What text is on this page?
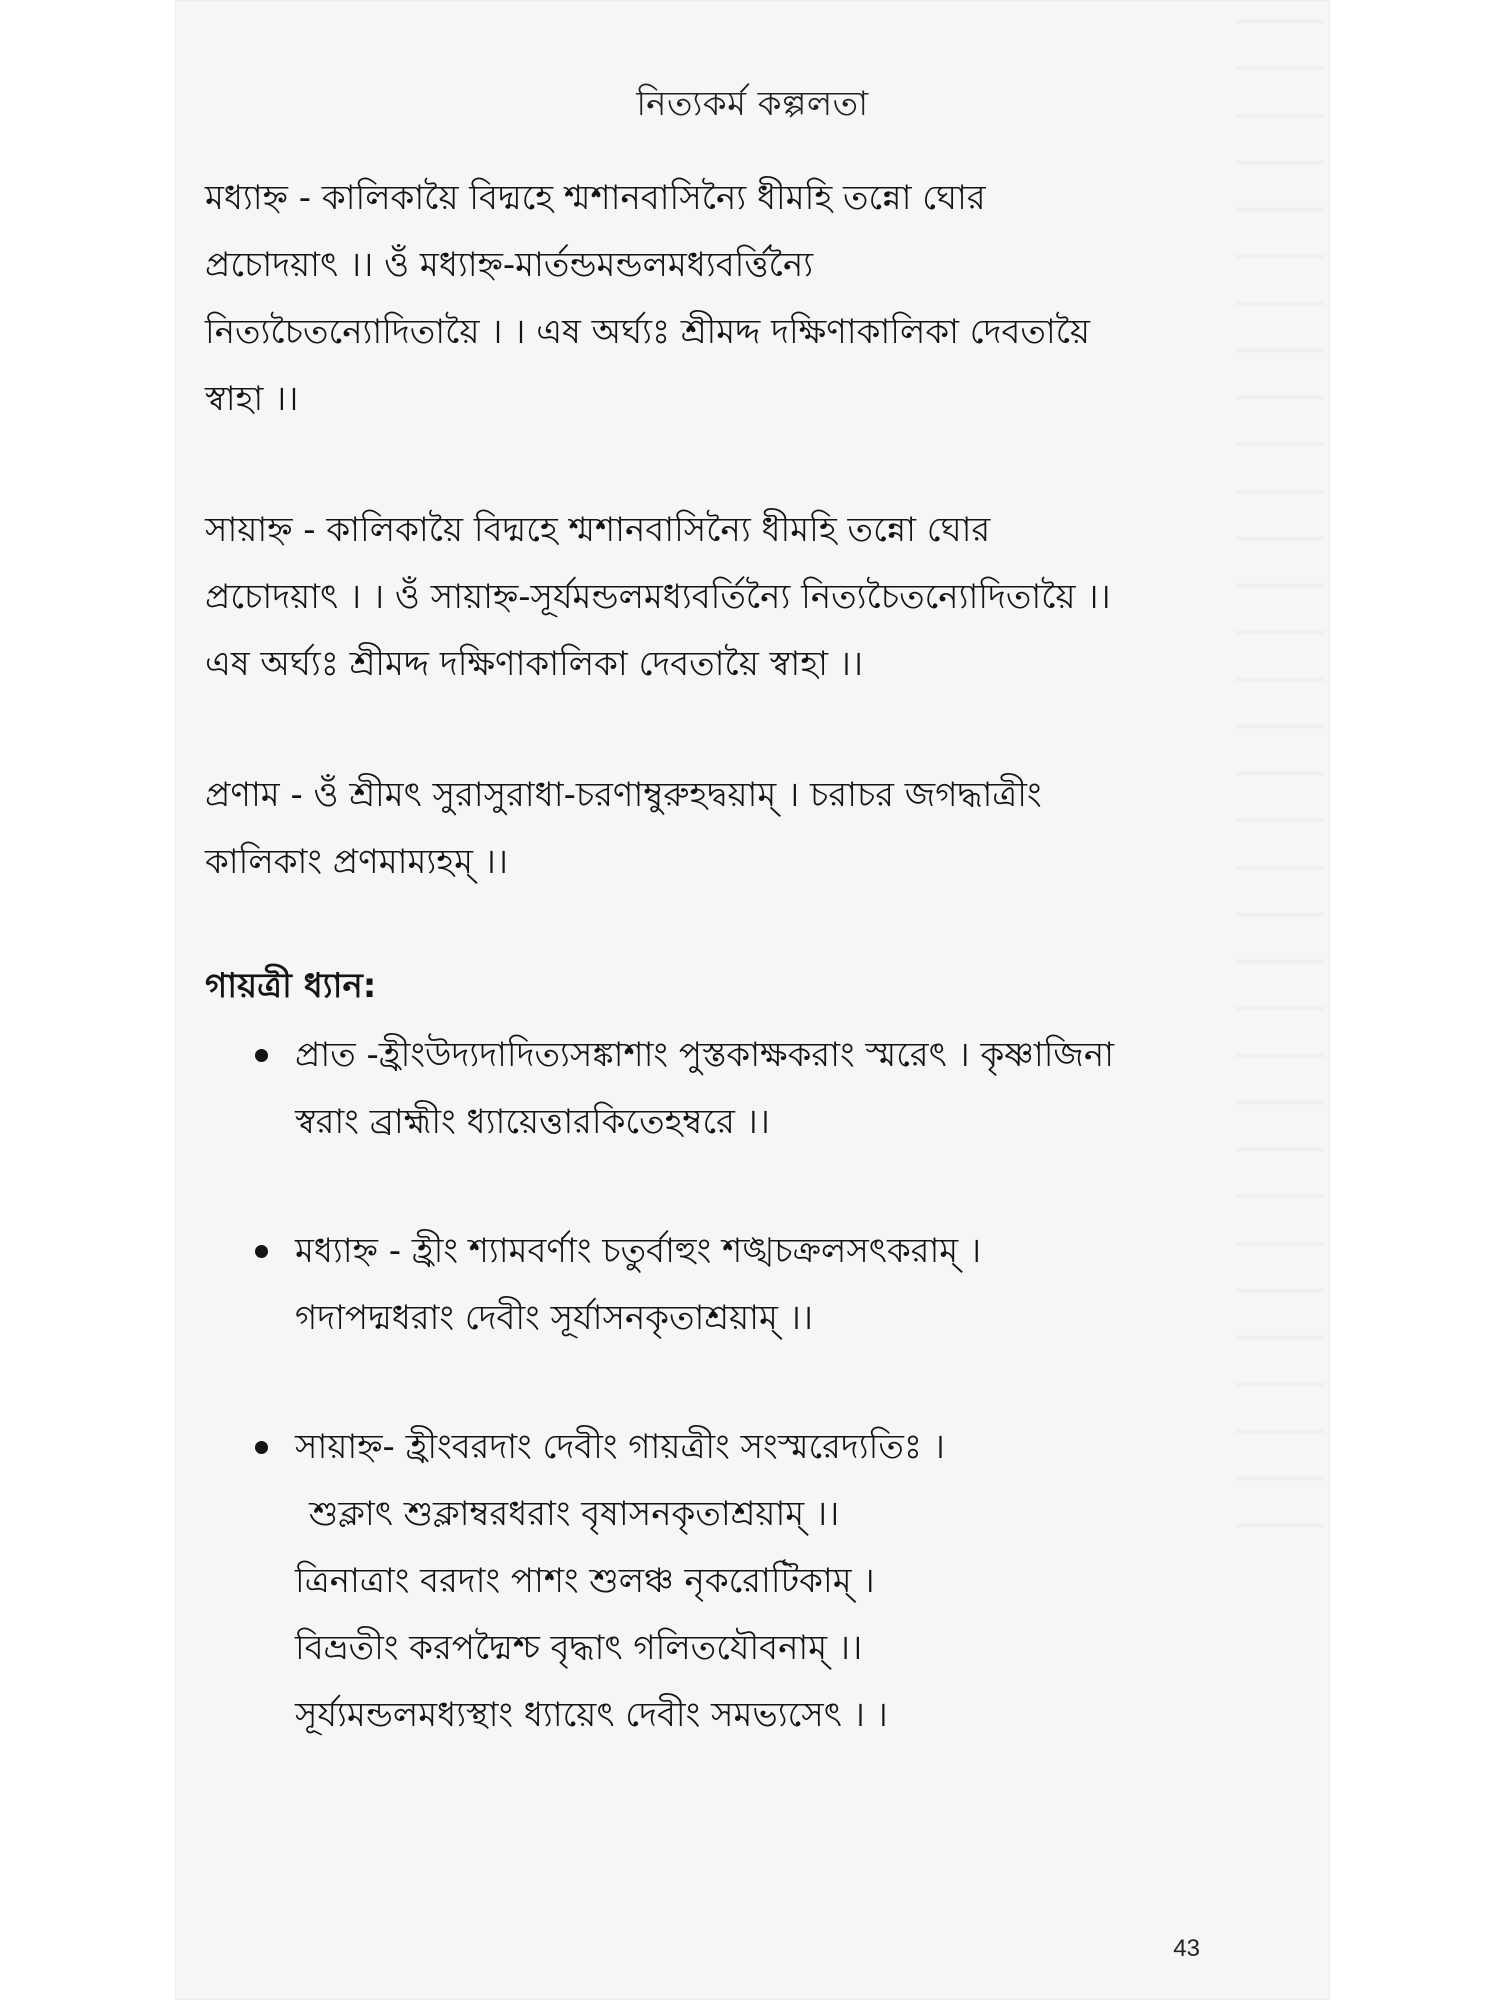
নিত্যকর্ম কল্পলতা

মধ্যাহ্ন - কালিকায়ৈ বিদ্মহে শ্মশানবাসিন্যৈ ধীমহি তন্নো ঘোর
প্রচোদয়াৎ ।। ওঁ মধ্যাহ্ন-মার্তন্ডমন্ডলমধ্যবর্ত্তিন্যৈ
নিত্যচৈতন্যোদিতায়ৈ । । এষ অর্ঘ্যঃ শ্রীমদ্দ দক্ষিণাকালিকা দেবতায়ৈ
স্বাহা ।।

সায়াহ্ন - কালিকায়ৈ বিদ্মহে শ্মশানবাসিন্যৈ ধীমহি তন্নো ঘোর
প্রচোদয়াৎ । । ওঁ সায়াহ্ন-সূর্যমন্ডলমধ্যবর্তিন্যৈ নিত্যচৈতন্যোদিতায়ৈ ।।
এষ অর্ঘ্যঃ শ্রীমদ্দ দক্ষিণাকালিকা দেবতায়ৈ স্বাহা ।।

প্রণাম - ওঁ শ্রীমৎ সুরাসুরাধা-চরণাম্বুরুহদ্বয়াম্ । চরাচর জগদ্ধাত্রীং
কালিকাং প্রণমাম্যহম্ ।।

গায়ত্রী ধ্যান:
প্রাত -হ্রীংউদ্যদাদিত্যসঙ্কাশাং পুস্তকাক্ষকরাং স্মরেৎ । কৃষ্ণাজিনা
স্বরাং ব্রাহ্মীং ধ্যায়েত্তারকিতেহম্বরে ।।
মধ্যাহ্ন - হ্রীং শ্যামবর্ণাং চতুর্বাহুং শঙ্খচক্রলসৎকরাম্ ।
গদাপদ্মধরাং দেবীং সূর্যাসনকৃতাশ্রয়াম্ ।।
সায়াহ্ন- হ্রীংবরদাং দেবীং গায়ত্রীং সংস্মরেদ্যতিঃ ।
শুক্লাৎ শুক্লাম্বরধরাং বৃষাসনকৃতাশ্রয়াম্ ।।
ত্রিনাত্রাং বরদাং পাশং শুলঞ্চ নৃকরোটিকাম্ ।
বিভ্রতীং করপদ্মৈশ্চ বৃদ্ধাৎ গলিতযৌবনাম্ ।।
সূর্য্যমন্ডলমধ্যস্থাং ধ্যায়েৎ দেবীং সমভ্যসেৎ । ।
43
